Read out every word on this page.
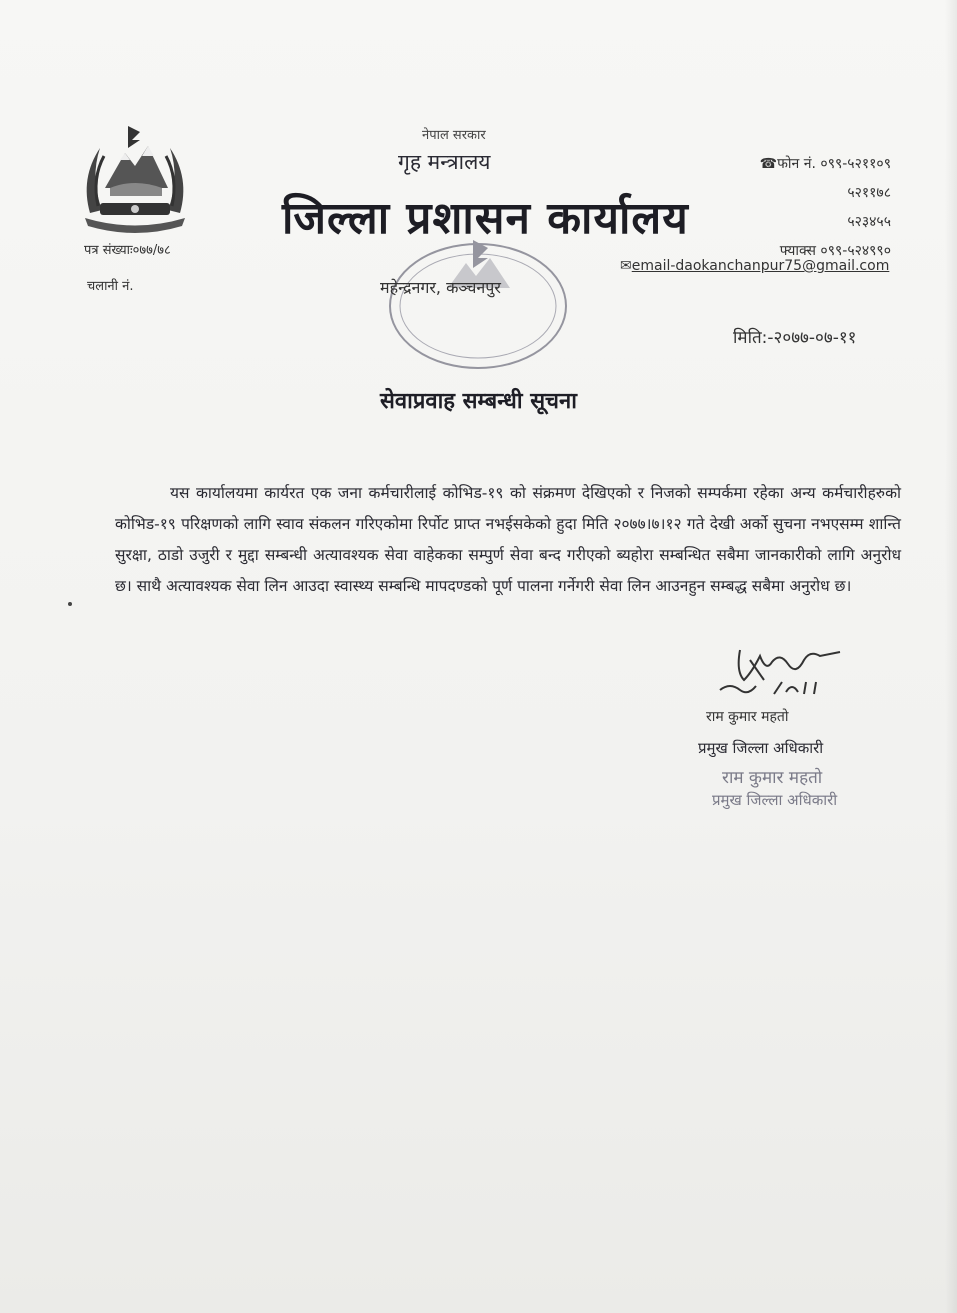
नेपाल सरकार
गृह मन्त्रालय
जिल्ला प्रशासन कार्यालय
महेन्द्रनगर, कञ्चनपुर
पत्र संख्याः०७७/७८
चलानी नं.
☎फोन नं. ०९९-५२११०९
५२११७८
५२३४५५
फ्याक्स ०९९-५२४९९०
✉email-daokanchanpur75@gmail.com
मिति:-२०७७-०७-११
सेवाप्रवाह सम्बन्धी सूचना
यस कार्यालयमा कार्यरत एक जना कर्मचारीलाई कोभिड-१९ को संक्रमण देखिएको र निजको सम्पर्कमा रहेका अन्य कर्मचारीहरुको कोभिड-१९ परिक्षणको लागि स्वाव संकलन गरिएकोमा रिर्पोट प्राप्त नभईसकेको हुदा मिति २०७७।७।१२ गते देखी अर्को सुचना नभएसम्म शान्ति सुरक्षा, ठाडो उजुरी र मुद्दा सम्बन्धी अत्यावश्यक सेवा वाहेकका सम्पुर्ण सेवा बन्द गरीएको ब्यहोरा सम्बन्धित सबैमा जानकारीको लागि अनुरोध छ। साथै अत्यावश्यक सेवा लिन आउदा स्वास्थ्य सम्बन्धि मापदण्डको पूर्ण पालना गर्नेगरी सेवा लिन आउनहुन सम्बद्ध सबैमा अनुरोध छ।
राम कुमार महतो
प्रमुख जिल्ला अधिकारी
राम कुमार महतो
प्रमुख जिल्ला अधिकारी
